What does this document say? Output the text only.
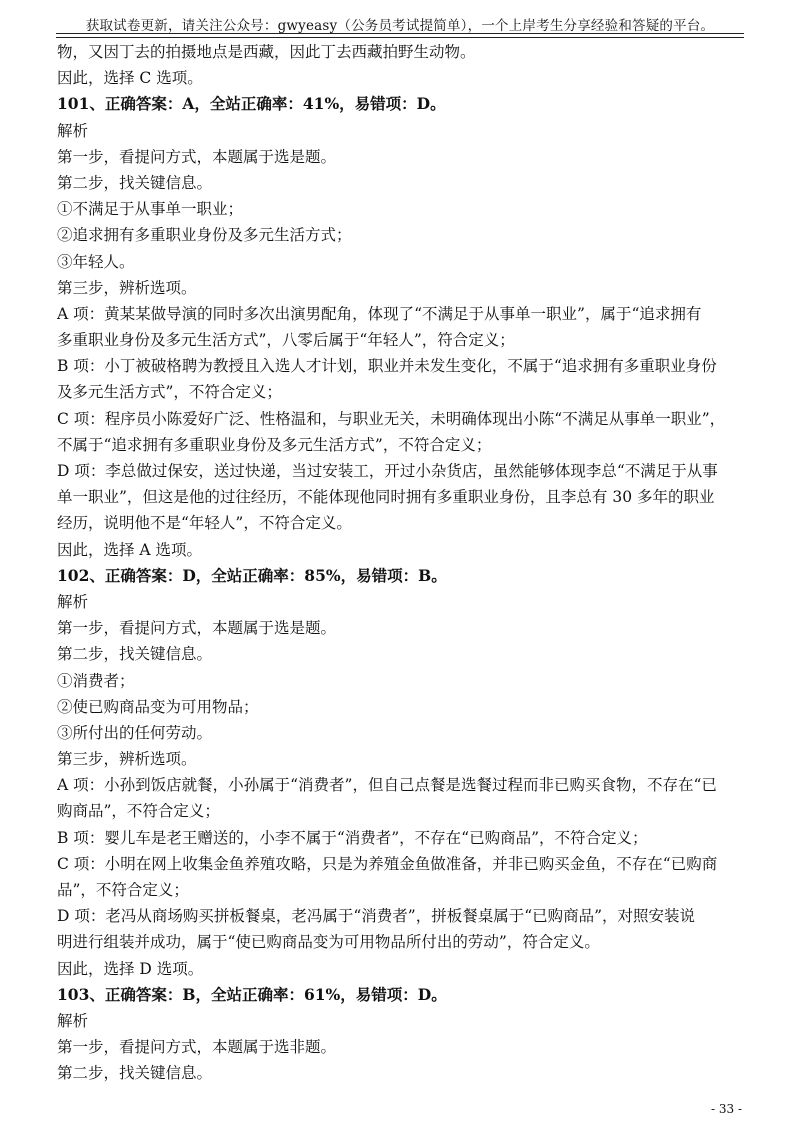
获取试卷更新，请关注公众号：gwyeasy（公务员考试提简单），一个上岸考生分享经验和答疑的平台。
物，又因丁去的拍摄地点是西藏，因此丁去西藏拍野生动物。
因此，选择 C 选项。
101、正确答案：A，全站正确率：41%，易错项：D。
解析
第一步，看提问方式，本题属于选是题。
第二步，找关键信息。
①不满足于从事单一职业；
②追求拥有多重职业身份及多元生活方式；
③年轻人。
第三步，辨析选项。
A 项：黄某某做导演的同时多次出演男配角，体现了“不满足于从事单一职业”，属于“追求拥有
多重职业身份及多元生活方式”，八零后属于“年轻人”，符合定义；
B 项：小丁被破格聘为教授且入选人才计划，职业并未发生变化，不属于“追求拥有多重职业身份
及多元生活方式”，不符合定义；
C 项：程序员小陈爱好广泛、性格温和，与职业无关，未明确体现出小陈“不满足从事单一职业”，
不属于“追求拥有多重职业身份及多元生活方式”，不符合定义；
D 项：李总做过保安，送过快递，当过安装工，开过小杂货店，虽然能够体现李总“不满足于从事
单一职业”，但这是他的过往经历，不能体现他同时拥有多重职业身份，且李总有 30 多年的职业
经历，说明他不是“年轻人”，不符合定义。
因此，选择 A 选项。
102、正确答案：D，全站正确率：85%，易错项：B。
解析
第一步，看提问方式，本题属于选是题。
第二步，找关键信息。
①消费者；
②使已购商品变为可用物品；
③所付出的任何劳动。
第三步，辨析选项。
A 项：小孙到饭店就餐，小孙属于“消费者”，但自己点餐是选餐过程而非已购买食物，不存在“已
购商品”，不符合定义；
B 项：婴儿车是老王赠送的，小李不属于“消费者”，不存在“已购商品”，不符合定义；
C 项：小明在网上收集金鱼养殖攻略，只是为养殖金鱼做准备，并非已购买金鱼，不存在“已购商
品”，不符合定义；
D 项：老冯从商场购买拼板餐桌，老冯属于“消费者”，拼板餐桌属于“已购商品”，对照安装说
明进行组装并成功，属于“使已购商品变为可用物品所付出的劳动”，符合定义。
因此，选择 D 选项。
103、正确答案：B，全站正确率：61%，易错项：D。
解析
第一步，看提问方式，本题属于选非题。
第二步，找关键信息。
- 33 -
